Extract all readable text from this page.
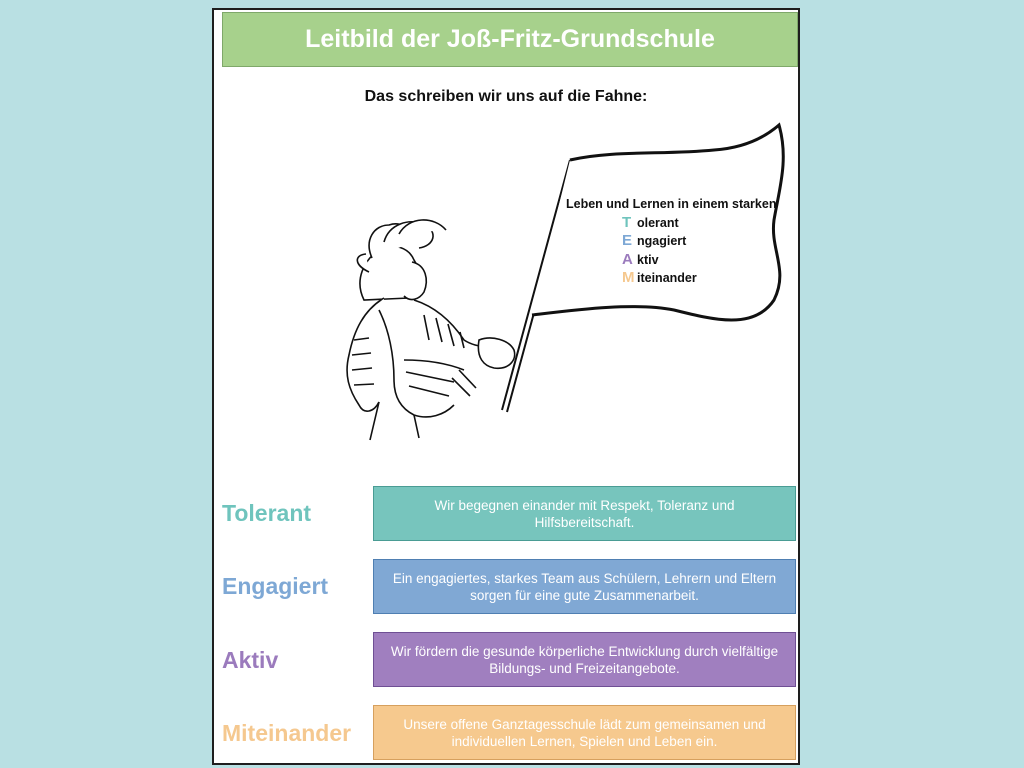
Leitbild der Joß-Fritz-Grundschule
Das schreiben wir uns auf die Fahne:
Leben und Lernen in einem starken
T olerant
E ngagiert
A ktiv
M iteinander
Tolerant	Wir begegnen einander mit Respekt, Toleranz und Hilfsbereitschaft.
Engagiert	Ein engagiertes, starkes Team aus Schülern, Lehrern und Eltern sorgen für eine gute Zusammenarbeit.
Aktiv	Wir fördern die gesunde körperliche Entwicklung durch vielfältige Bildungs- und Freizeitangebote.
Miteinander	Unsere offene Ganztagesschule lädt zum gemeinsamen und individuellen Lernen, Spielen und Leben ein.
